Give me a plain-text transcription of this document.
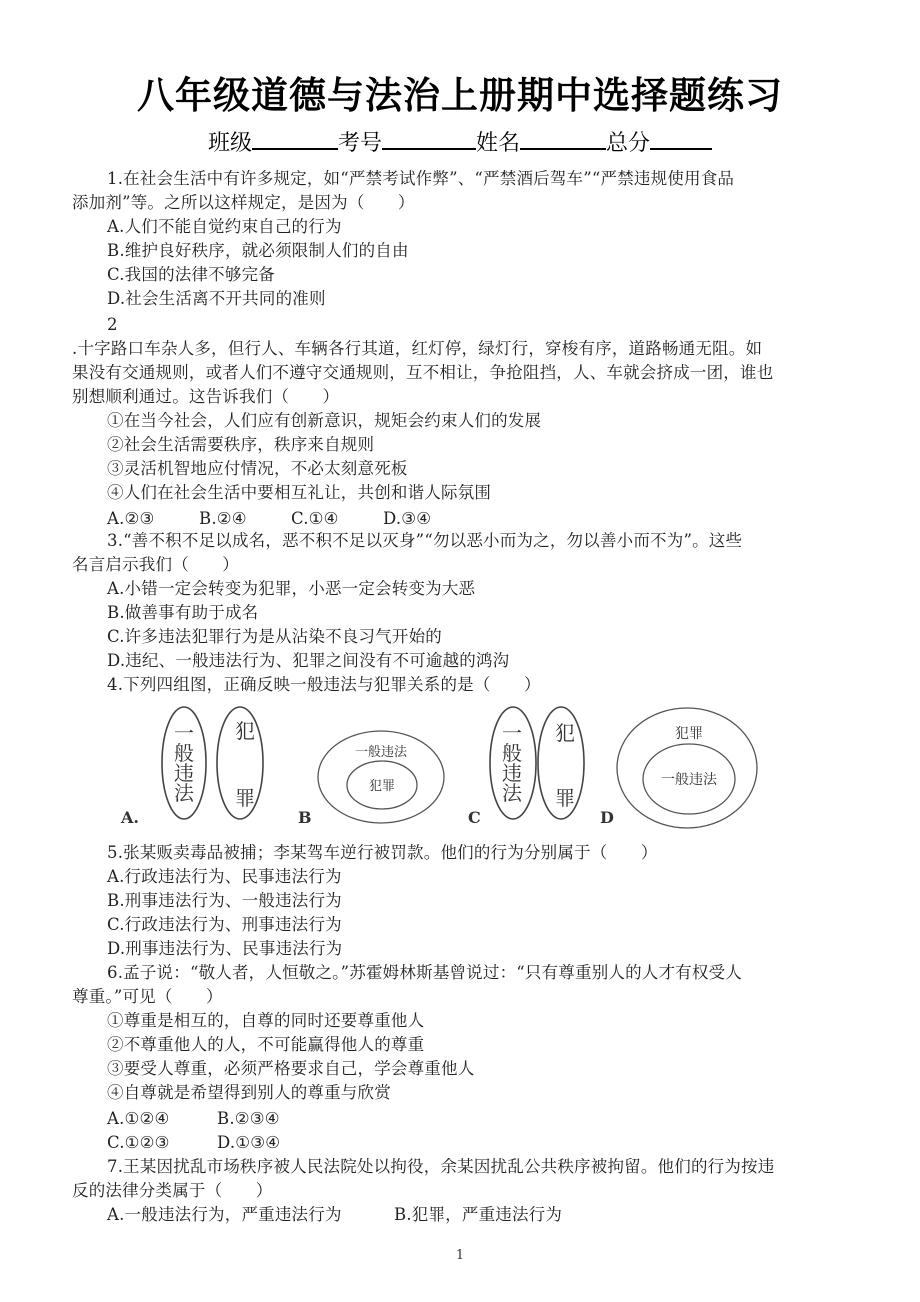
八年级道德与法治上册期中选择题练习
班级	考号	姓名	总分
1.在社会生活中有许多规定，如“严禁考试作弊”、“严禁酒后驾车”“严禁违规使用食品
添加剂”等。之所以这样规定，是因为（　　）
A.人们不能自觉约束自己的行为
B.维护良好秩序，就必须限制人们的自由
C.我国的法律不够完备
D.社会生活离不开共同的准则
2
.十字路口车杂人多，但行人、车辆各行其道，红灯停，绿灯行，穿梭有序，道路畅通无阻。如
果没有交通规则，或者人们不遵守交通规则，互不相让，争抢阻挡，人、车就会挤成一团，谁也
别想顺利通过。这告诉我们（　　）
①在当今社会，人们应有创新意识，规矩会约束人们的发展
②社会生活需要秩序，秩序来自规则
③灵活机智地应付情况，不必太刻意死板
④人们在社会生活中要相互礼让，共创和谐人际氛围
A.②③	B.②④	C.①④	D.③④
3.“善不积不足以成名，恶不积不足以灭身”“勿以恶小而为之，勿以善小而不为”。这些
名言启示我们（　　）
A.小错一定会转变为犯罪，小恶一定会转变为大恶
B.做善事有助于成名
C.许多违法犯罪行为是从沾染不良习气开始的
D.违纪、一般违法行为、犯罪之间没有不可逾越的鸿沟
4.下列四组图，正确反映一般违法与犯罪关系的是（　　）
一
般
违
法
犯
罪
A.
一般违法
犯罪
B
一
般
违
法
犯
罪
C
犯罪
一般违法
D
5.张某贩卖毒品被捕；李某驾车逆行被罚款。他们的行为分别属于（　　）
A.行政违法行为、民事违法行为
B.刑事违法行为、一般违法行为
C.行政违法行为、刑事违法行为
D.刑事违法行为、民事违法行为
6.孟子说：“敬人者，人恒敬之。”苏霍姆林斯基曾说过：“只有尊重别人的人才有权受人
尊重。”可见（　　）
①尊重是相互的，自尊的同时还要尊重他人
②不尊重他人的人，不可能赢得他人的尊重
③要受人尊重，必须严格要求自己，学会尊重他人
④自尊就是希望得到别人的尊重与欣赏
A.①②④	B.②③④
C.①②③	D.①③④
7.王某因扰乱市场秩序被人民法院处以拘役，余某因扰乱公共秩序被拘留。他们的行为按违
反的法律分类属于（　　）
A.一般违法行为，严重违法行为	B.犯罪，严重违法行为
1
